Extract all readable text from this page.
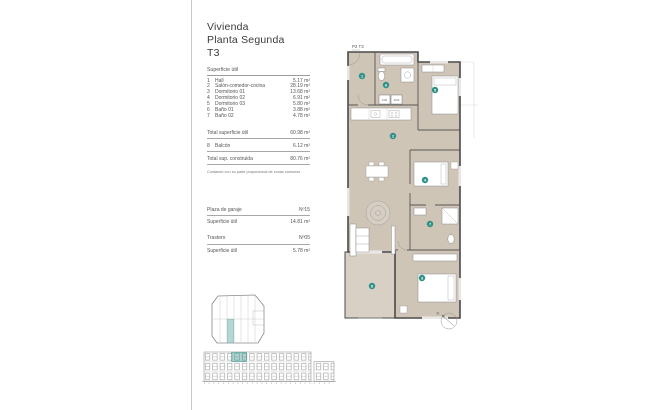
Vivienda
Planta Segunda
T3
Superficie útil
1	Hall	5.17 m²
2	Salón-comedor-cocina	28.19 m²
3	Dormitorio 01	13.68 m²
4	Dormitorio 02	6.91 m²
5	Dormitorio 03	5.80 m²
6	Baño 01	3.88 m²
7	Baño 02	4.78 m²
Total superficie útil	60.98 m²
8	Balcón	6.12 m²
Total sup. construida	80.76 m²
Contando con su parte proporcional de zonas comunes
Plaza de garaje	Nº15
Superficie útil	14.81 m²
Trastero	Nº05
Superficie útil	5.78 m²
P2 T3
LVD ACS
1
6
5
2
4
7
3
8
N
